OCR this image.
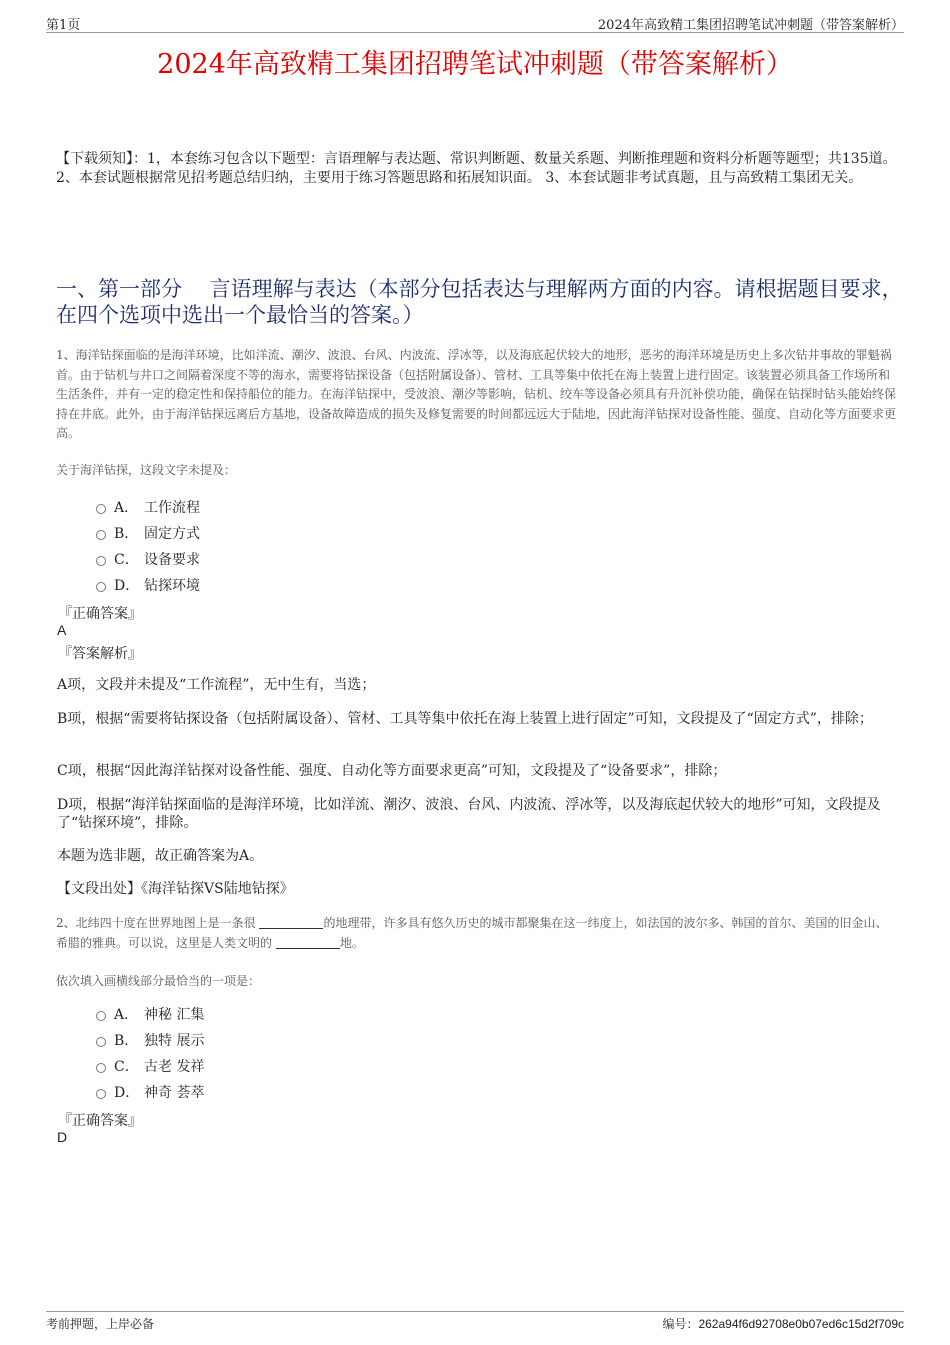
第1页	2024年高致精工集团招聘笔试冲刺题（带答案解析）
2024年高致精工集团招聘笔试冲刺题（带答案解析）
【下载须知】：1，本套练习包含以下题型：言语理解与表达题、常识判断题、数量关系题、判断推理题和资料分析题等题型；共135道。 2、本套试题根据常见招考题总结归纳，主要用于练习答题思路和拓展知识面。 3、本套试题非考试真题，且与高致精工集团无关。
一、第一部分　 言语理解与表达（本部分包括表达与理解两方面的内容。请根据题目要求，在四个选项中选出一个最恰当的答案。）
1、海洋钻探面临的是海洋环境，比如洋流、潮汐、波浪、台风、内波流、浮冰等，以及海底起伏较大的地形，恶劣的海洋环境是历史上多次钻井事故的罪魁祸首。由于钻机与井口之间隔着深度不等的海水，需要将钻探设备（包括附属设备）、管材、工具等集中依托在海上装置上进行固定。该装置必须具备工作场所和生活条件，并有一定的稳定性和保持船位的能力。在海洋钻探中，受波浪、潮汐等影响，钻机、绞车等设备必须具有升沉补偿功能，确保在钻探时钻头能始终保持在井底。此外，由于海洋钻探远离后方基地，设备故障造成的损失及修复需要的时间都远远大于陆地，因此海洋钻探对设备性能、强度、自动化等方面要求更高。
关于海洋钻探，这段文字未提及：
A． 工作流程
B． 固定方式
C． 设备要求
D． 钻探环境
『正确答案』
A
『答案解析』
A项，文段并未提及“工作流程”，无中生有，当选；
B项，根据“需要将钻探设备（包括附属设备）、管材、工具等集中依托在海上装置上进行固定”可知，文段提及了“固定方式”，排除；
C项，根据“因此海洋钻探对设备性能、强度、自动化等方面要求更高”可知，文段提及了“设备要求”，排除；
D项，根据“海洋钻探面临的是海洋环境，比如洋流、潮汐、波浪、台风、内波流、浮冰等，以及海底起伏较大的地形”可知，文段提及了“钻探环境”，排除。
本题为选非题，故正确答案为A。
【文段出处】《海洋钻探VS陆地钻探》
2、北纬四十度在世界地图上是一条很	的地理带，许多具有悠久历史的城市都聚集在这一纬度上，如法国的波尔多、韩国的首尔、美国的旧金山、希腊的雅典。可以说，这里是人类文明的	地。
依次填入画横线部分最恰当的一项是：
A． 神秘 汇集
B． 独特 展示
C． 古老 发祥
D． 神奇 荟萃
『正确答案』
D
考前押题，上岸必备	编号：262a94f6d92708e0b07ed6c15d2f709c
